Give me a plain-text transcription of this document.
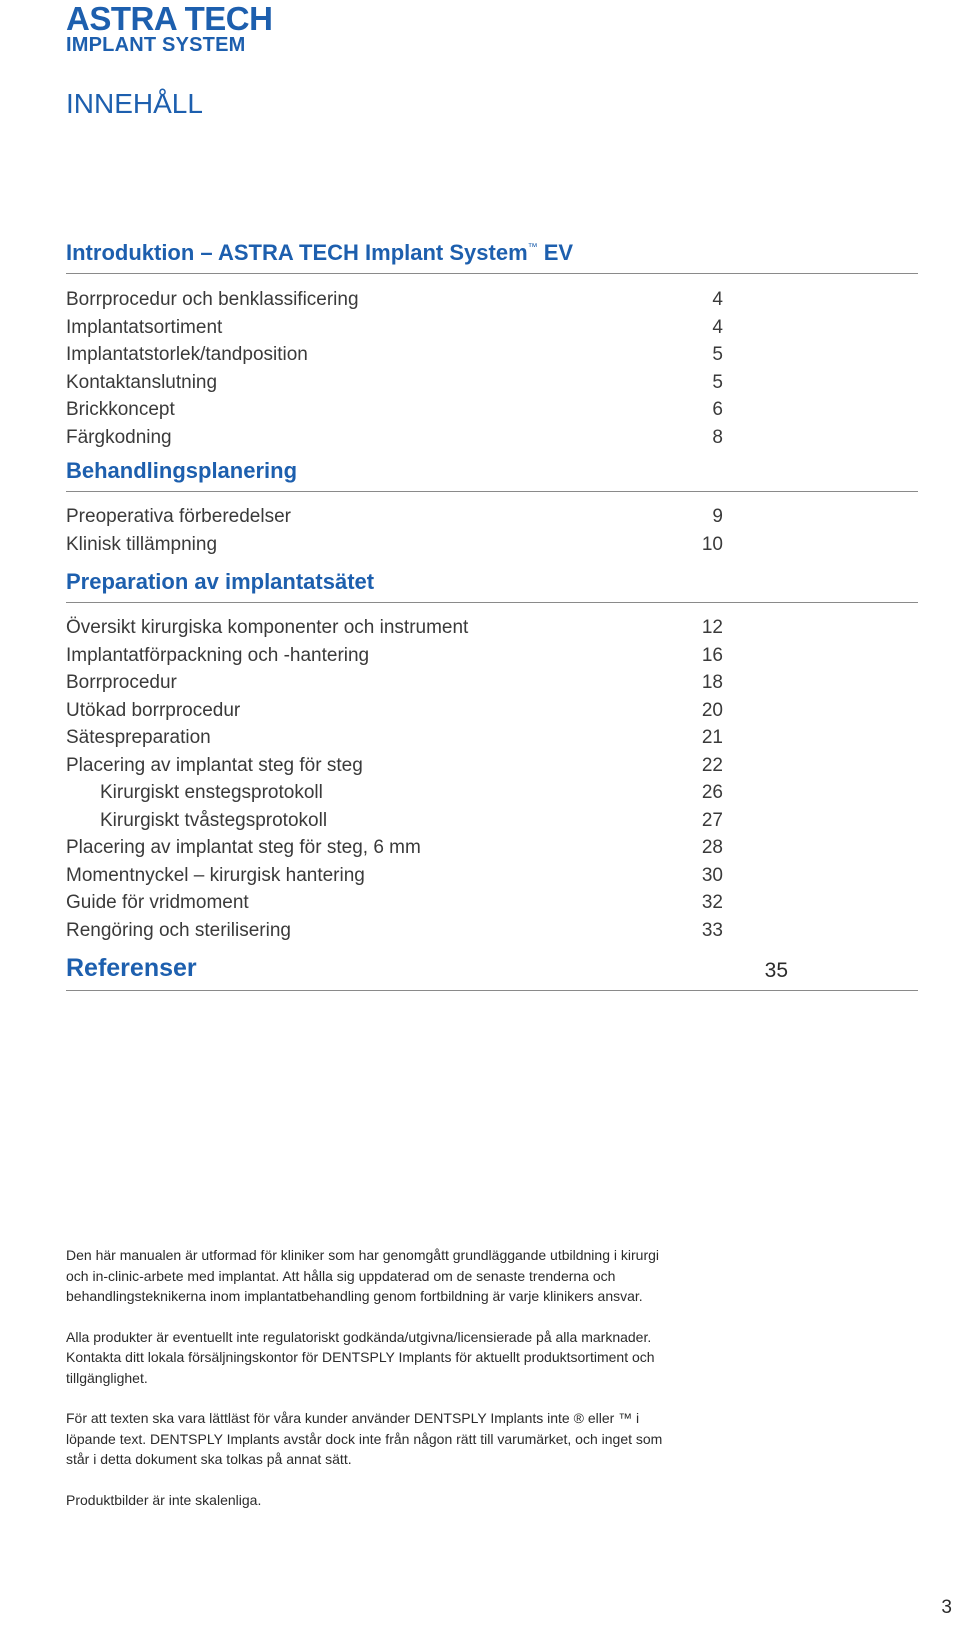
ASTRA TECH
IMPLANT SYSTEM
INNEHÅLL
Introduktion – ASTRA TECH Implant System™ EV
Borrprocedur och benklassificering	4
Implantatsortiment	4
Implantatstorlek/tandposition	5
Kontaktanslutning	5
Brickkoncept	6
Färgkodning	8
Behandlingsplanering
Preoperativa förberedelser	9
Klinisk tillämpning	10
Preparation av implantatsätet
Översikt kirurgiska komponenter och instrument	12
Implantatförpackning och -hantering	16
Borrprocedur	18
Utökad borrprocedur	20
Sätespreparation	21
Placering av implantat steg för steg	22
Kirurgiskt enstegsprotokoll	26
Kirurgiskt tvåstegsprotokoll	27
Placering av implantat steg för steg, 6 mm	28
Momentnyckel – kirurgisk hantering	30
Guide för vridmoment	32
Rengöring och sterilisering	33
Referenser	35

Den här manualen är utformad för kliniker som har genomgått grundläggande utbildning i kirurgi och in-clinic-arbete med implantat. Att hålla sig uppdaterad om de senaste trenderna och behandlingsteknikerna inom implantatbehandling genom fortbildning är varje klinikers ansvar.

Alla produkter är eventuellt inte regulatoriskt godkända/utgivna/licensierade på alla marknader. Kontakta ditt lokala försäljningskontor för DENTSPLY Implants för aktuellt produktsortiment och tillgänglighet.

För att texten ska vara lättläst för våra kunder använder DENTSPLY Implants inte ® eller ™ i löpande text. DENTSPLY Implants avstår dock inte från någon rätt till varumärket, och inget som står i detta dokument ska tolkas på annat sätt.

Produktbilder är inte skalenliga.

3
